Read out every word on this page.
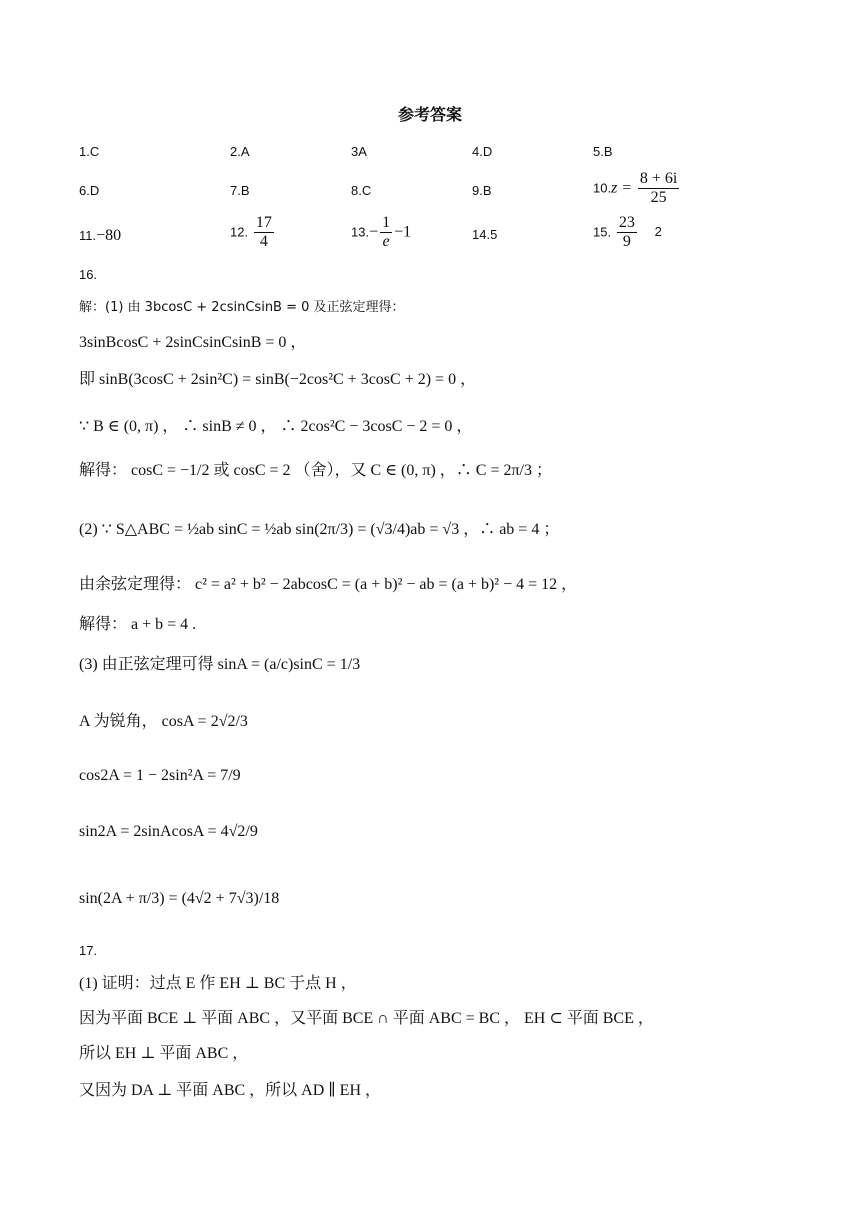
参考答案
1.C	2.A	3A	4.D	5.B
6.D	7.B	8.C	9.B	$10.z = \frac{8 + 6i}{25}$
11.−80	12. $\frac{17}{4}$	$13.- \frac{1}{e} -1$	14.5	15. $\frac{23}{9} 2$
16.
解：(1) 由 3bcosC + 2csinCsinB = 0 及正弦定理得：
3sinBcosC + 2sinCsinCsinB = 0 ，
即 sinB(3cosC + 2sin²C) = sinB(−2cos²C + 3cosC + 2) = 0 ，
∵ B ∈ (0, π) ， ∴ sinB ≠ 0 ， ∴ 2cos²C − 3cosC − 2 = 0 ，
解得： cosC = −1/2 或 cosC = 2 （舍），又 C ∈ (0, π) ，∴ C = 2π/3 ；
(2) ∵ S△ABC = ½ab sinC = ½ab sin(2π/3) = (√3/4)ab = √3 ，∴ ab = 4 ；
由余弦定理得： c² = a² + b² − 2abcosC = (a + b)² − ab = (a + b)² − 4 = 12 ，
解得： a + b = 4 .
(3) 由正弦定理可得 sinA = (a/c)sinC = 1/3
A 为锐角， cosA = 2√2/3
cos2A = 1 − 2sin²A = 7/9
sin2A = 2sinAcosA = 4√2/9
sin(2A + π/3) = (4√2 + 7√3)/18
17.
(1) 证明：过点 E 作 EH ⊥ BC 于点 H ，
因为平面 BCE ⊥ 平面 ABC ，又平面 BCE ∩ 平面 ABC = BC ， EH ⊂ 平面 BCE ，
所以 EH ⊥ 平面 ABC ，
又因为 DA ⊥ 平面 ABC ，所以 AD ∥ EH ，
